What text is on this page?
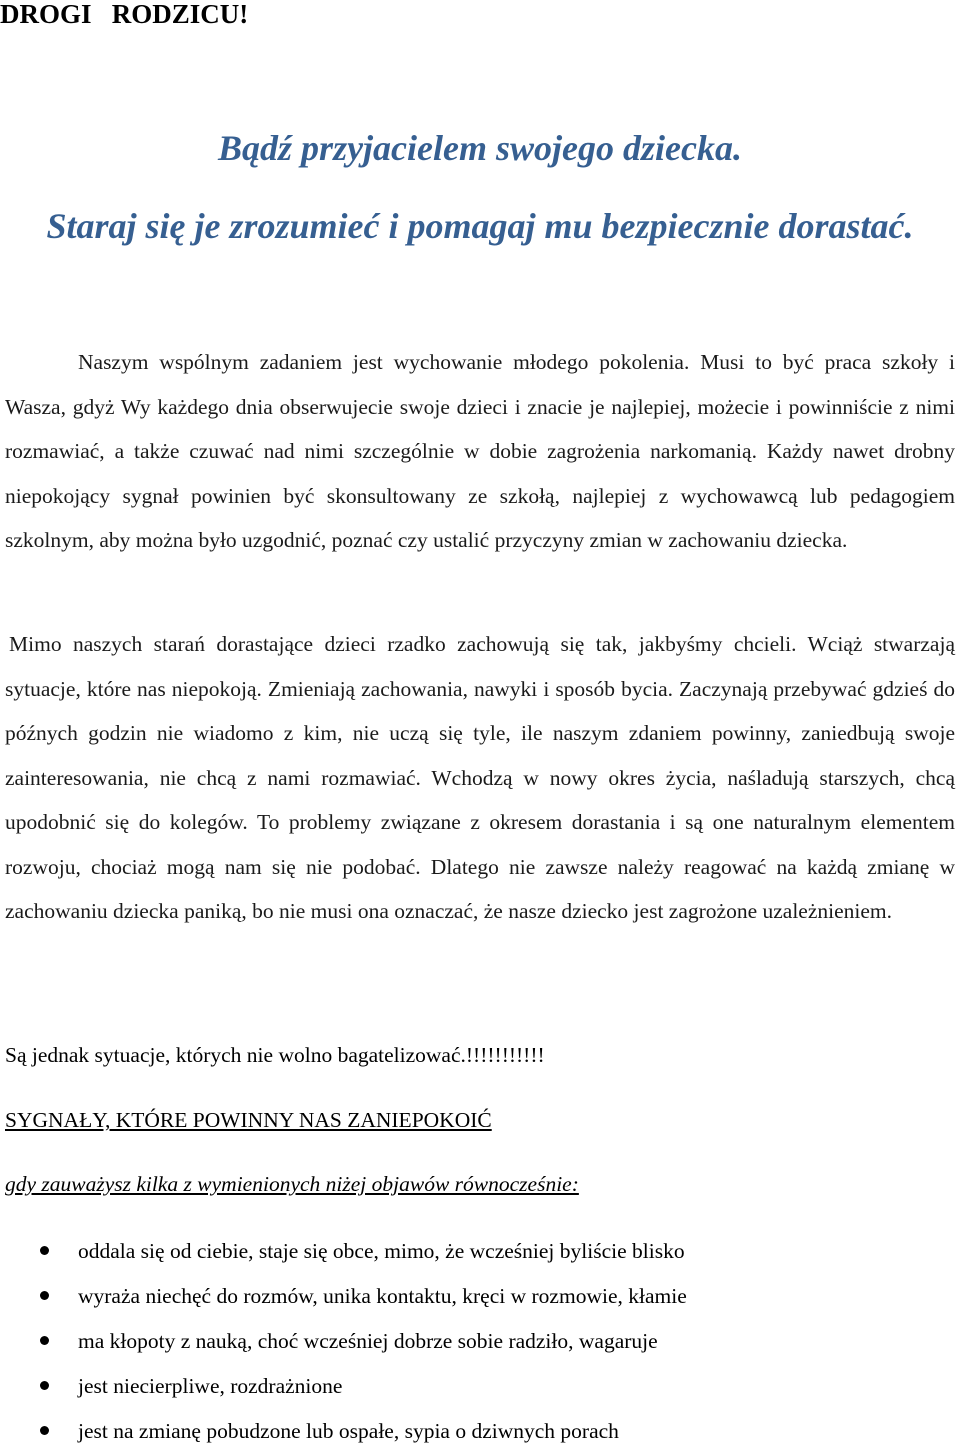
DROGI   RODZICU!

Bądź przyjacielem swojego dziecka.

Staraj się je zrozumieć i pomagaj mu bezpiecznie dorastać.

Naszym wspólnym zadaniem jest wychowanie młodego pokolenia. Musi to być praca szkoły i Wasza, gdyż Wy każdego dnia obserwujecie swoje dzieci i znacie je najlepiej, możecie i powinniście z nimi rozmawiać, a także czuwać nad nimi szczególnie w dobie zagrożenia narkomanią. Każdy nawet drobny niepokojący sygnał powinien być skonsultowany ze szkołą, najlepiej z wychowawcą lub pedagogiem szkolnym, aby można było uzgodnić, poznać czy ustalić przyczyny zmian w zachowaniu dziecka.

Mimo naszych starań dorastające dzieci rzadko zachowują się tak, jakbyśmy chcieli. Wciąż stwarzają sytuacje, które nas niepokoją. Zmieniają zachowania, nawyki i sposób bycia. Zaczynają przebywać gdzieś do późnych godzin nie wiadomo z kim, nie uczą się tyle, ile naszym zdaniem powinny, zaniedbują swoje zainteresowania, nie chcą z nami rozmawiać. Wchodzą w nowy okres życia, naśladują starszych, chcą upodobnić się do kolegów. To problemy związane z okresem dorastania i są one naturalnym elementem rozwoju, chociaż mogą nam się nie podobać. Dlatego nie zawsze należy reagować na każdą zmianę w zachowaniu dziecka paniką, bo nie musi ona oznaczać, że nasze dziecko jest zagrożone uzależnieniem.

Są jednak sytuacje, których nie wolno bagatelizować.!!!!!!!!!!!

SYGNAŁY, KTÓRE POWINNY NAS ZANIEPOKOIĆ

gdy zauważysz kilka z wymienionych niżej objawów równocześnie:

oddala się od ciebie, staje się obce, mimo, że wcześniej byliście blisko
wyraża niechęć do rozmów, unika kontaktu, kręci w rozmowie, kłamie
ma kłopoty z nauką, choć wcześniej dobrze sobie radziło, wagaruje
jest niecierpliwe, rozdrażnione
jest na zmianę pobudzone lub ospałe, sypia o dziwnych porach
